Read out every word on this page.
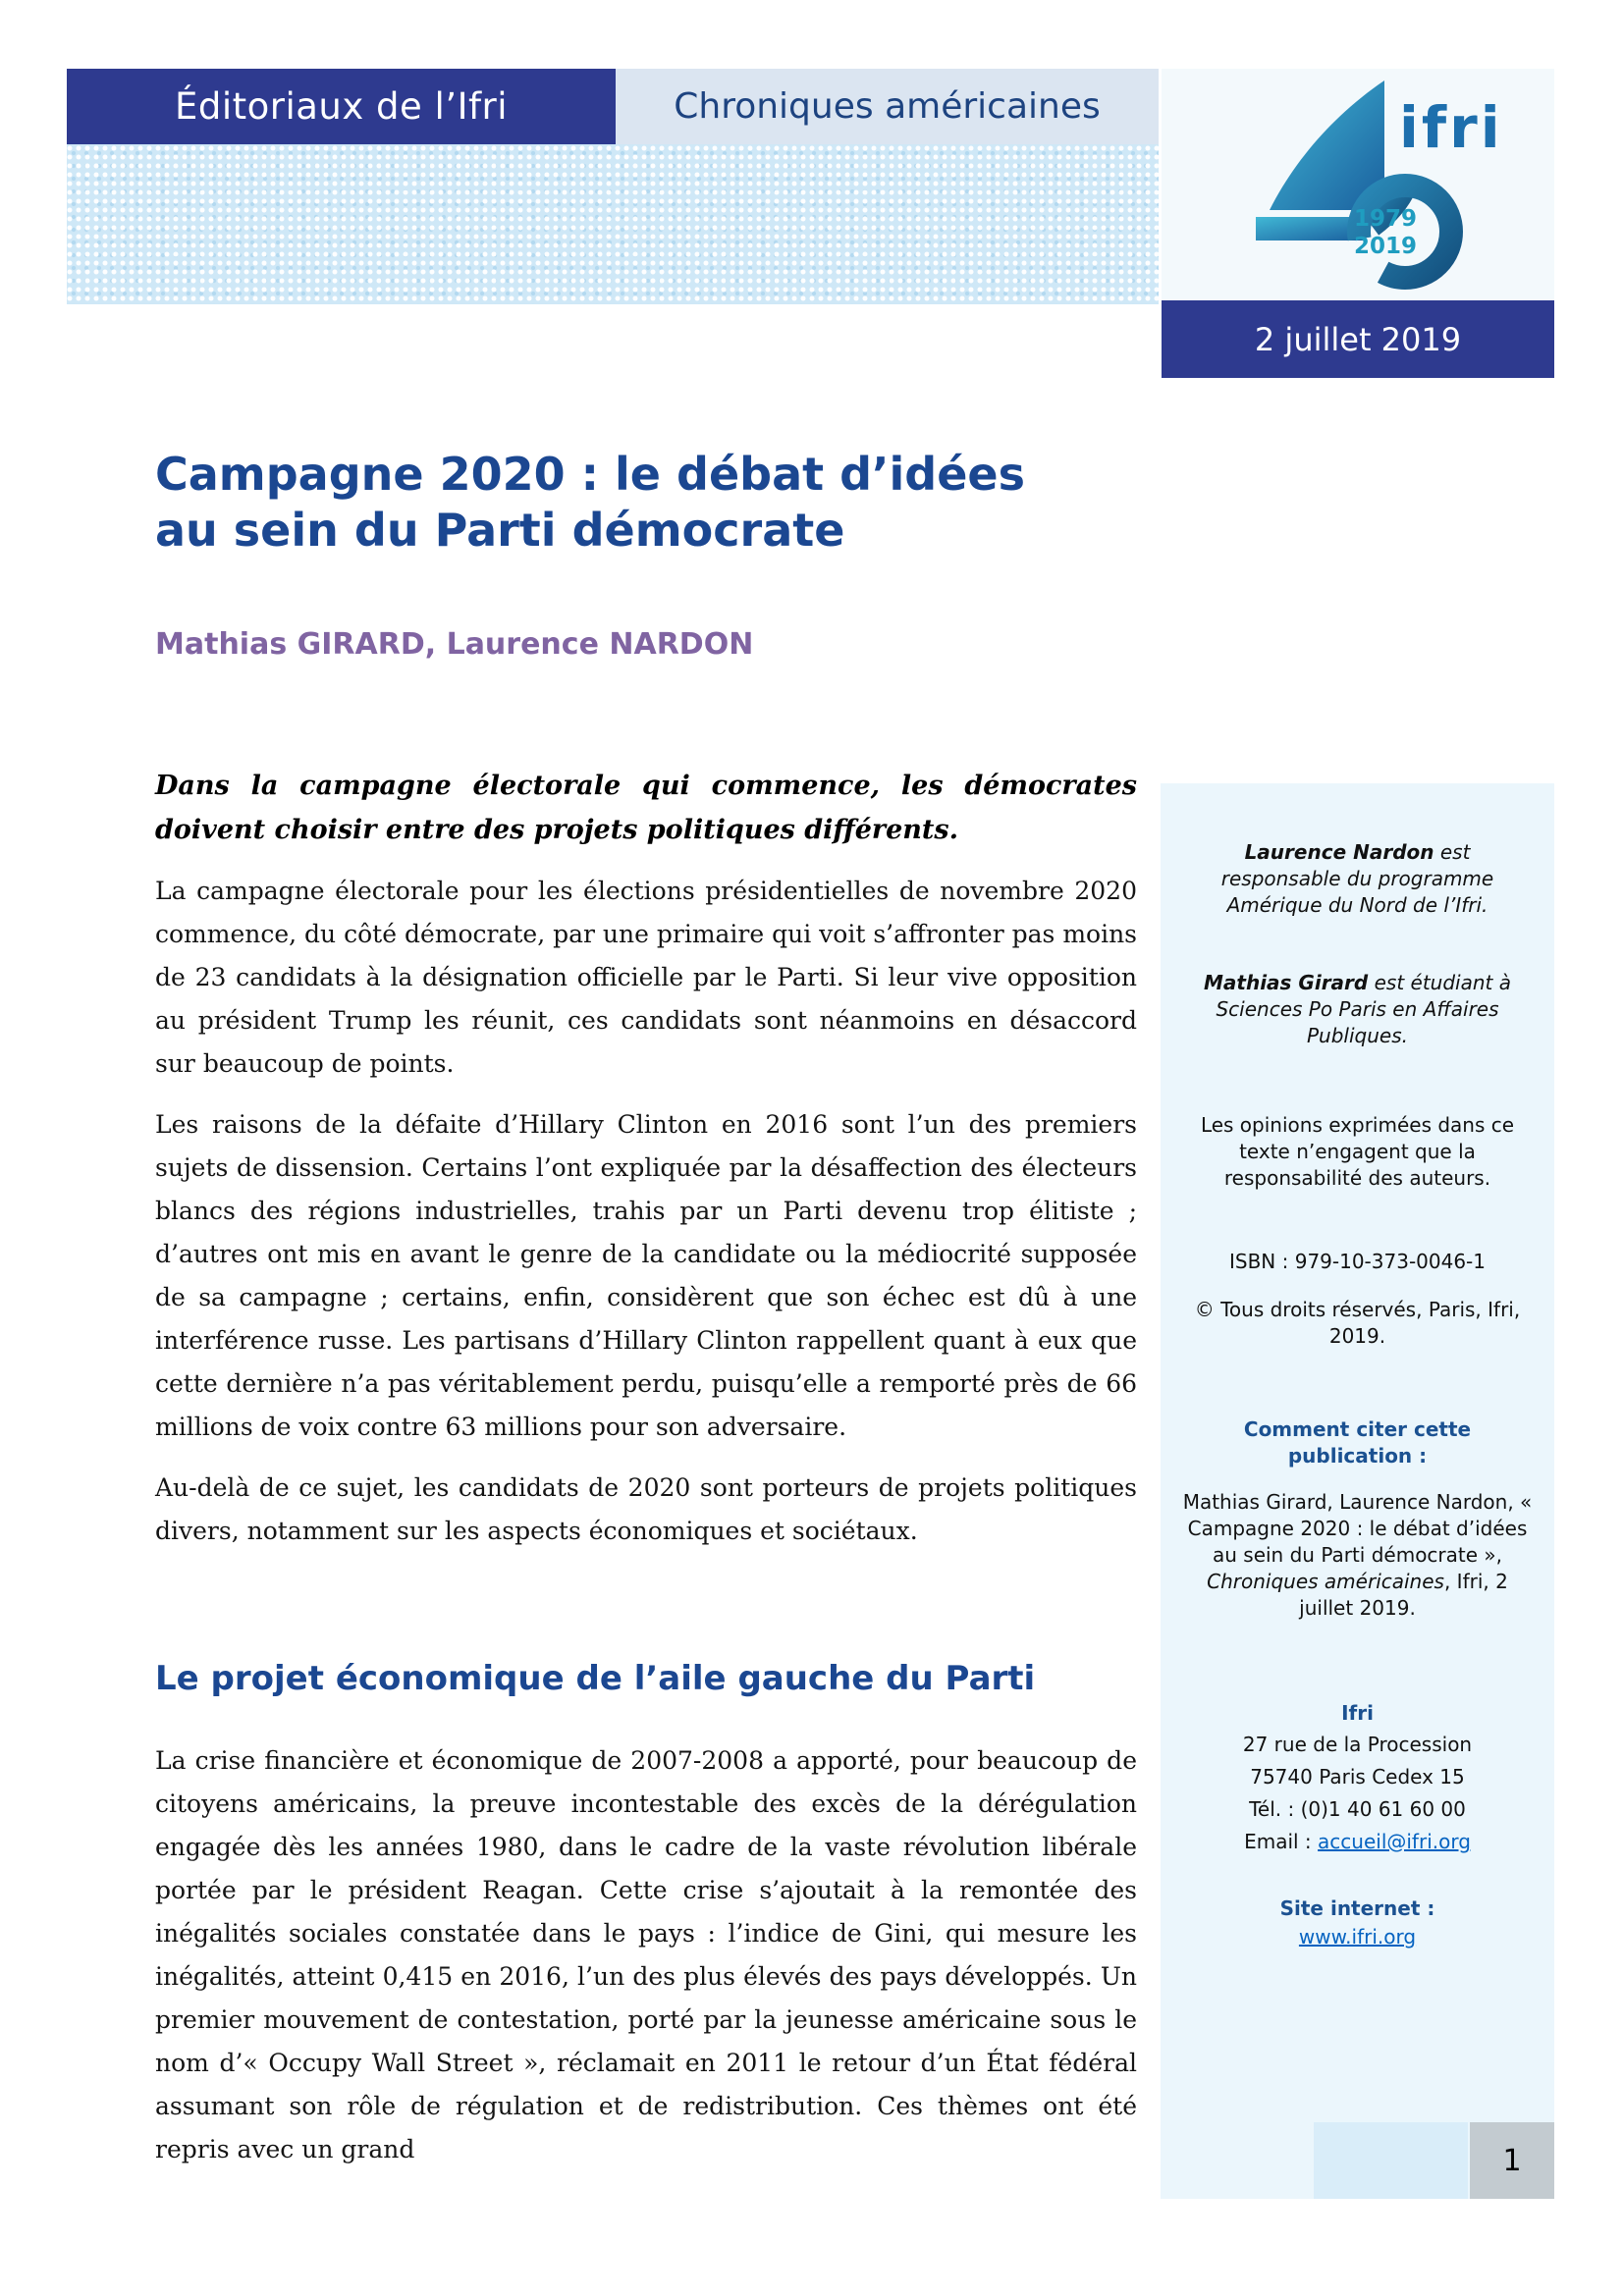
Éditoriaux de l’Ifri	Chroniques américaines	ifri
1979
2019
2 juillet 2019
Campagne 2020 : le débat d’idées
au sein du Parti démocrate
Mathias GIRARD, Laurence NARDON
Dans la campagne électorale qui commence, les démocrates doivent choisir entre des projets politiques différents.

La campagne électorale pour les élections présidentielles de novembre 2020 commence, du côté démocrate, par une primaire qui voit s’affronter pas moins de 23 candidats à la désignation officielle par le Parti. Si leur vive opposition au président Trump les réunit, ces candidats sont néanmoins en désaccord sur beaucoup de points.

Les raisons de la défaite d’Hillary Clinton en 2016 sont l’un des premiers sujets de dissension. Certains l’ont expliquée par la désaffection des électeurs blancs des régions industrielles, trahis par un Parti devenu trop élitiste ; d’autres ont mis en avant le genre de la candidate ou la médiocrité supposée de sa campagne ; certains, enfin, considèrent que son échec est dû à une interférence russe. Les partisans d’Hillary Clinton rappellent quant à eux que cette dernière n’a pas véritablement perdu, puisqu’elle a remporté près de 66 millions de voix contre 63 millions pour son adversaire.

Au-delà de ce sujet, les candidats de 2020 sont porteurs de projets politiques divers, notamment sur les aspects économiques et sociétaux.

Le projet économique de l’aile gauche du Parti

La crise financière et économique de 2007-2008 a apporté, pour beaucoup de citoyens américains, la preuve incontestable des excès de la dérégulation engagée dès les années 1980, dans le cadre de la vaste révolution libérale portée par le président Reagan. Cette crise s’ajoutait à la remontée des inégalités sociales constatée dans le pays : l’indice de Gini, qui mesure les inégalités, atteint 0,415 en 2016, l’un des plus élevés des pays développés. Un premier mouvement de contestation, porté par la jeunesse américaine sous le nom d’« Occupy Wall Street », réclamait en 2011 le retour d’un État fédéral assumant son rôle de régulation et de redistribution. Ces thèmes ont été repris avec un grand

Laurence Nardon est responsable du programme Amérique du Nord de l’Ifri.
Mathias Girard est étudiant à Sciences Po Paris en Affaires Publiques.
Les opinions exprimées dans ce texte n’engagent que la responsabilité des auteurs.
ISBN : 979-10-373-0046-1
© Tous droits réservés, Paris, Ifri, 2019.
Comment citer cette publication :
Mathias Girard, Laurence Nardon, « Campagne 2020 : le débat d’idées au sein du Parti démocrate », Chroniques américaines, Ifri, 2 juillet 2019.
Ifri
27 rue de la Procession
75740 Paris Cedex 15
Tél. : (0)1 40 61 60 00
Email : accueil@ifri.org
Site internet :
www.ifri.org
1
